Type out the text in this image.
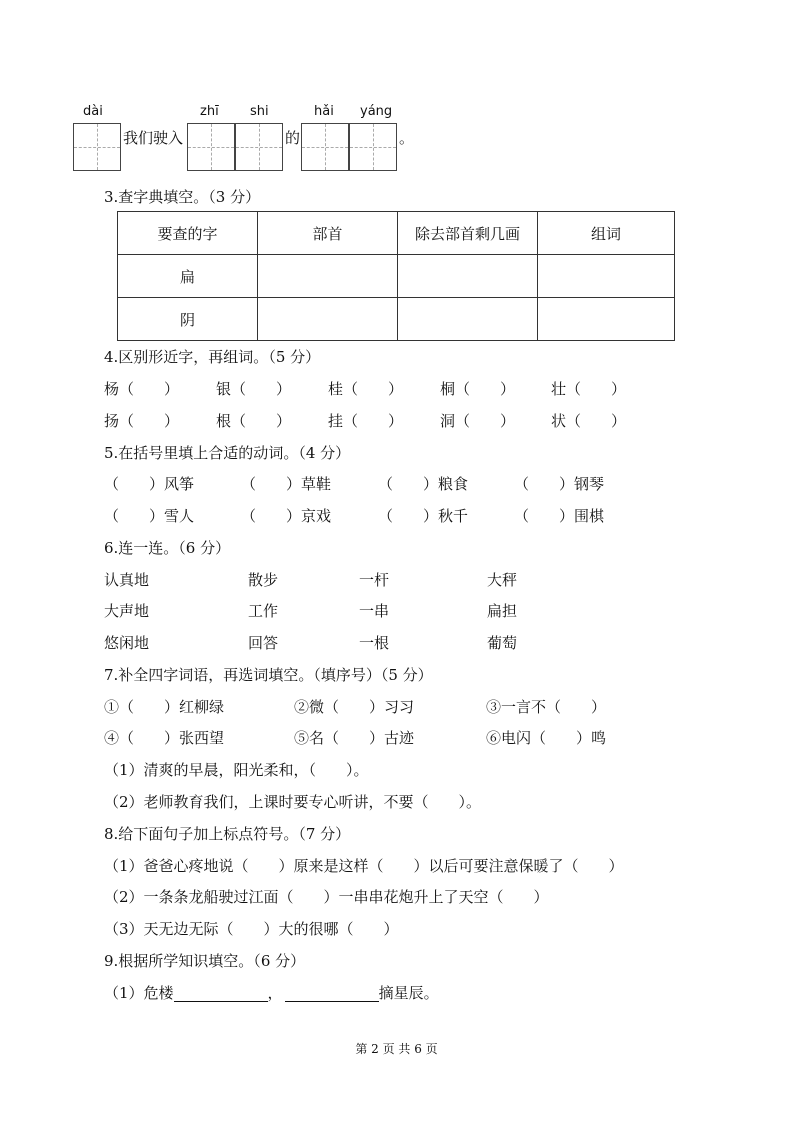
dài
我们驶入
zhī shi
的
hǎi yáng
。
3.查字典填空。（3 分）
要查的字	部首	除去部首剩几画	组词
扁			
阴			
4.区别形近字，再组词。（5 分）
杨（　　） 银（　　） 桂（　　） 桐（　　） 壮（　　）
扬（　　） 根（　　） 挂（　　） 洞（　　） 状（　　）
5.在括号里填上合适的动词。（4 分）
（　　）风筝	（　　）草鞋	（　　）粮食	（　　）钢琴
（　　）雪人	（　　）京戏	（　　）秋千	（　　）围棋
6.连一连。（6 分）
认真地	散步	一杆	大秤
大声地	工作	一串	扁担
悠闲地	回答	一根	葡萄
7.补全四字词语，再选词填空。（填序号）（5 分）
①（　　）红柳绿	②微（　　）习习	③一言不（　　）
④（　　）张西望	⑤名（　　）古迹	⑥电闪（　　）鸣
（1）清爽的早晨，阳光柔和，（　　）。
（2）老师教育我们，上课时要专心听讲，不要（　　）。
8.给下面句子加上标点符号。（7 分）
（1）爸爸心疼地说（　　）原来是这样（　　）以后可要注意保暖了（　　）
（2）一条条龙船驶过江面（　　）一串串花炮升上了天空（　　）
（3）天无边无际（　　）大的很哪（　　）
9.根据所学知识填空。（6 分）
（1）危楼	，	摘星辰。
第 2 页 共 6 页
